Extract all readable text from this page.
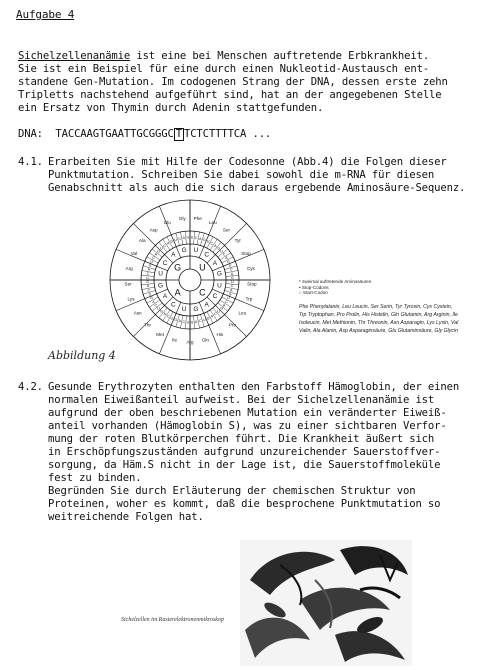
Aufgabe 4
Sichelzellenanämie ist eine bei Menschen auftretende Erbkrankheit.
Sie ist ein Beispiel für eine durch einen Nukleotid-Austausch ent-
standene Gen-Mutation. Im codogenen Strang der DNA, dessen erste zehn
Tripletts nachstehend aufgeführt sind, hat an der angegebenen Stelle
ein Ersatz von Thymin durch Adenin stattgefunden.
DNA: TACCAAGTGAATTGCGGGC T TCTCTTTTCA ...
4.1. Erarbeiten Sie mit Hilfe der Codesonne (Abb.4) die Folgen dieser
Punktmutation. Schreiben Sie dabei sowohl die m-RNA für diesen
Genabschnitt als auch die sich daraus ergebende Aminosäure-Sequenz.
U
C
A
G
U
C
A
G
U
C
A
G
U
C
A
G
U
C
A
G
U C A G U C
A
G
U
C
A
G
U
C
A
G
U
C
A
G
U
C
A
G
U
C
A
G
U
C
A
G
U
C
A
G
U
C
A
G
U
C
A
G
U
C
A
G
U
C
A
G
U
C
A
G
U
C
A G U C A G
Phe
Leu
Ser
Tyr
Stop
Cys
Stop
Trp
Leu
Pro
His
Gln
Arg
Ile
Met
Thr
Asn
Lys
Ser
Arg
Val
Ala
Asp
Glu
Gly
Abbildung 4
* zweimal auftretende Aminosäuren
• Stop-Codons
○ Start-Codon
Phe Phenylalanin, Leu Leucin, Ser Serin, Tyr Tyrosin, Cys Cystein, Trp Tryptophan, Pro Prolin, His Histidin, Gln Glutamin, Arg Arginin, Ile Isoleucin, Met Methionin, Thr Threonin, Asn Asparagin, Lys Lysin, Val Valin, Ala Alanin, Asp Asparaginsäure, Glu Glutaminsäure, Gly Glycin
4.2. Gesunde Erythrozyten enthalten den Farbstoff Hämoglobin, der einen
normalen Eiweißanteil aufweist. Bei der Sichelzellenanämie ist
aufgrund der oben beschriebenen Mutation ein veränderter Eiweiß-
anteil vorhanden (Hämoglobin S), was zu einer sichtbaren Verfor-
mung der roten Blutkörperchen führt. Die Krankheit äußert sich
in Erschöpfungszuständen aufgrund unzureichender Sauerstoffver-
sorgung, da Häm.S nicht in der Lage ist, die Sauerstoffmoleküle
fest zu binden.
Begründen Sie durch Erläuterung der chemischen Struktur von
Proteinen, woher es kommt, daß die besprochene Punktmutation so
weitreichende Folgen hat.
Sichelzellen im Rasterelektronenmikroskop
